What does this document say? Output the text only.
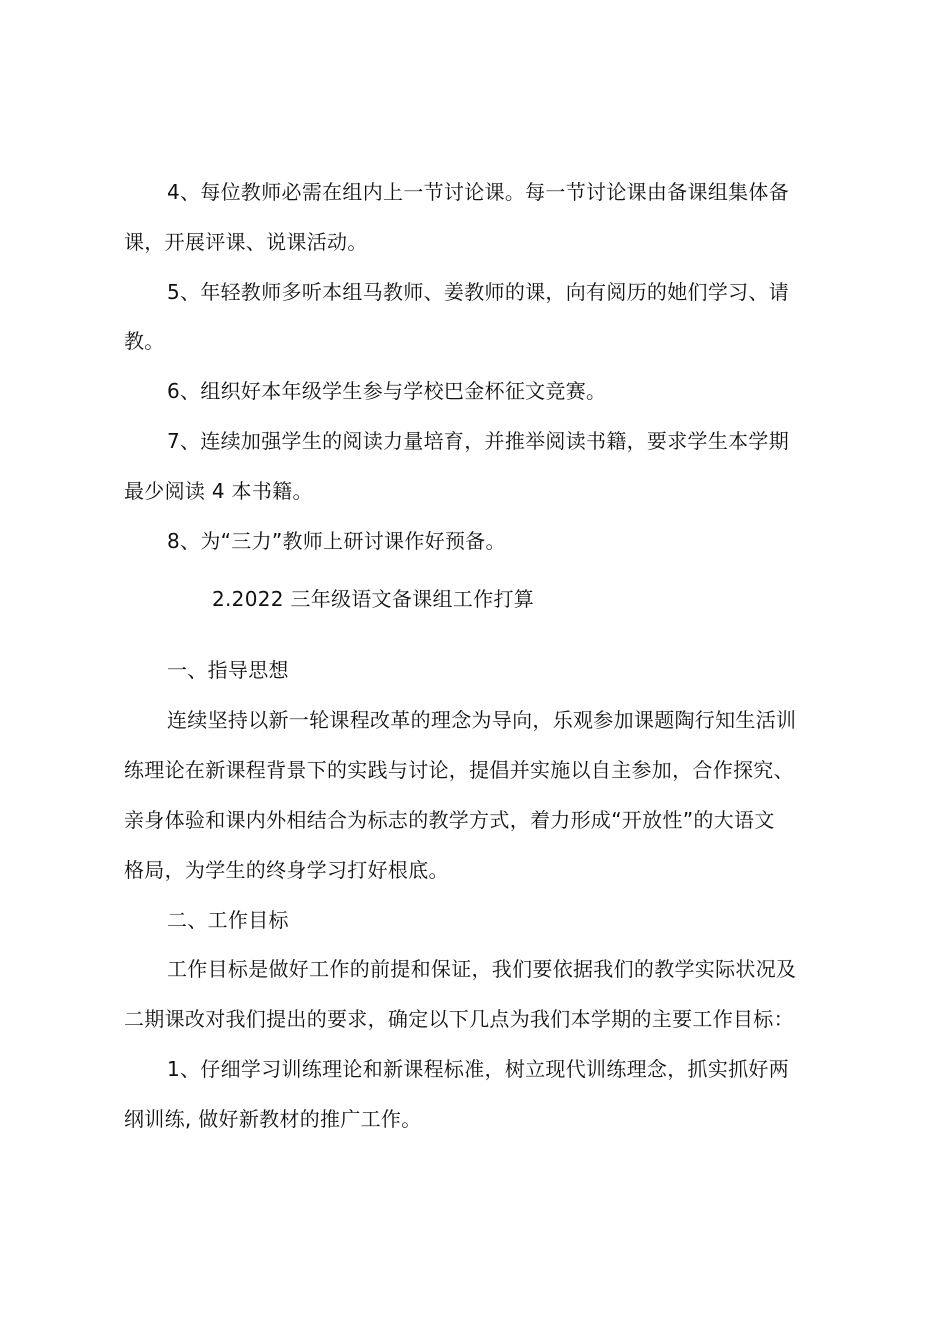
4、每位教师必需在组内上一节讨论课。每一节讨论课由备课组集体备
课，开展评课、说课活动。
5、年轻教师多听本组马教师、姜教师的课，向有阅历的她们学习、请
教。
6、组织好本年级学生参与学校巴金杯征文竞赛。
7、连续加强学生的阅读力量培育，并推举阅读书籍，要求学生本学期
最少阅读 4 本书籍。
8、为“三力”教师上研讨课作好预备。
2.2022 三年级语文备课组工作打算
一、指导思想
连续坚持以新一轮课程改革的理念为导向，乐观参加课题陶行知生活训
练理论在新课程背景下的实践与讨论，提倡并实施以自主参加，合作探究、
亲身体验和课内外相结合为标志的教学方式，着力形成“开放性”的大语文
格局，为学生的终身学习打好根底。
二、工作目标
工作目标是做好工作的前提和保证，我们要依据我们的教学实际状况及
二期课改对我们提出的要求，确定以下几点为我们本学期的主要工作目标：
1、仔细学习训练理论和新课程标准，树立现代训练理念，抓实抓好两
纲训练, 做好新教材的推广工作。
